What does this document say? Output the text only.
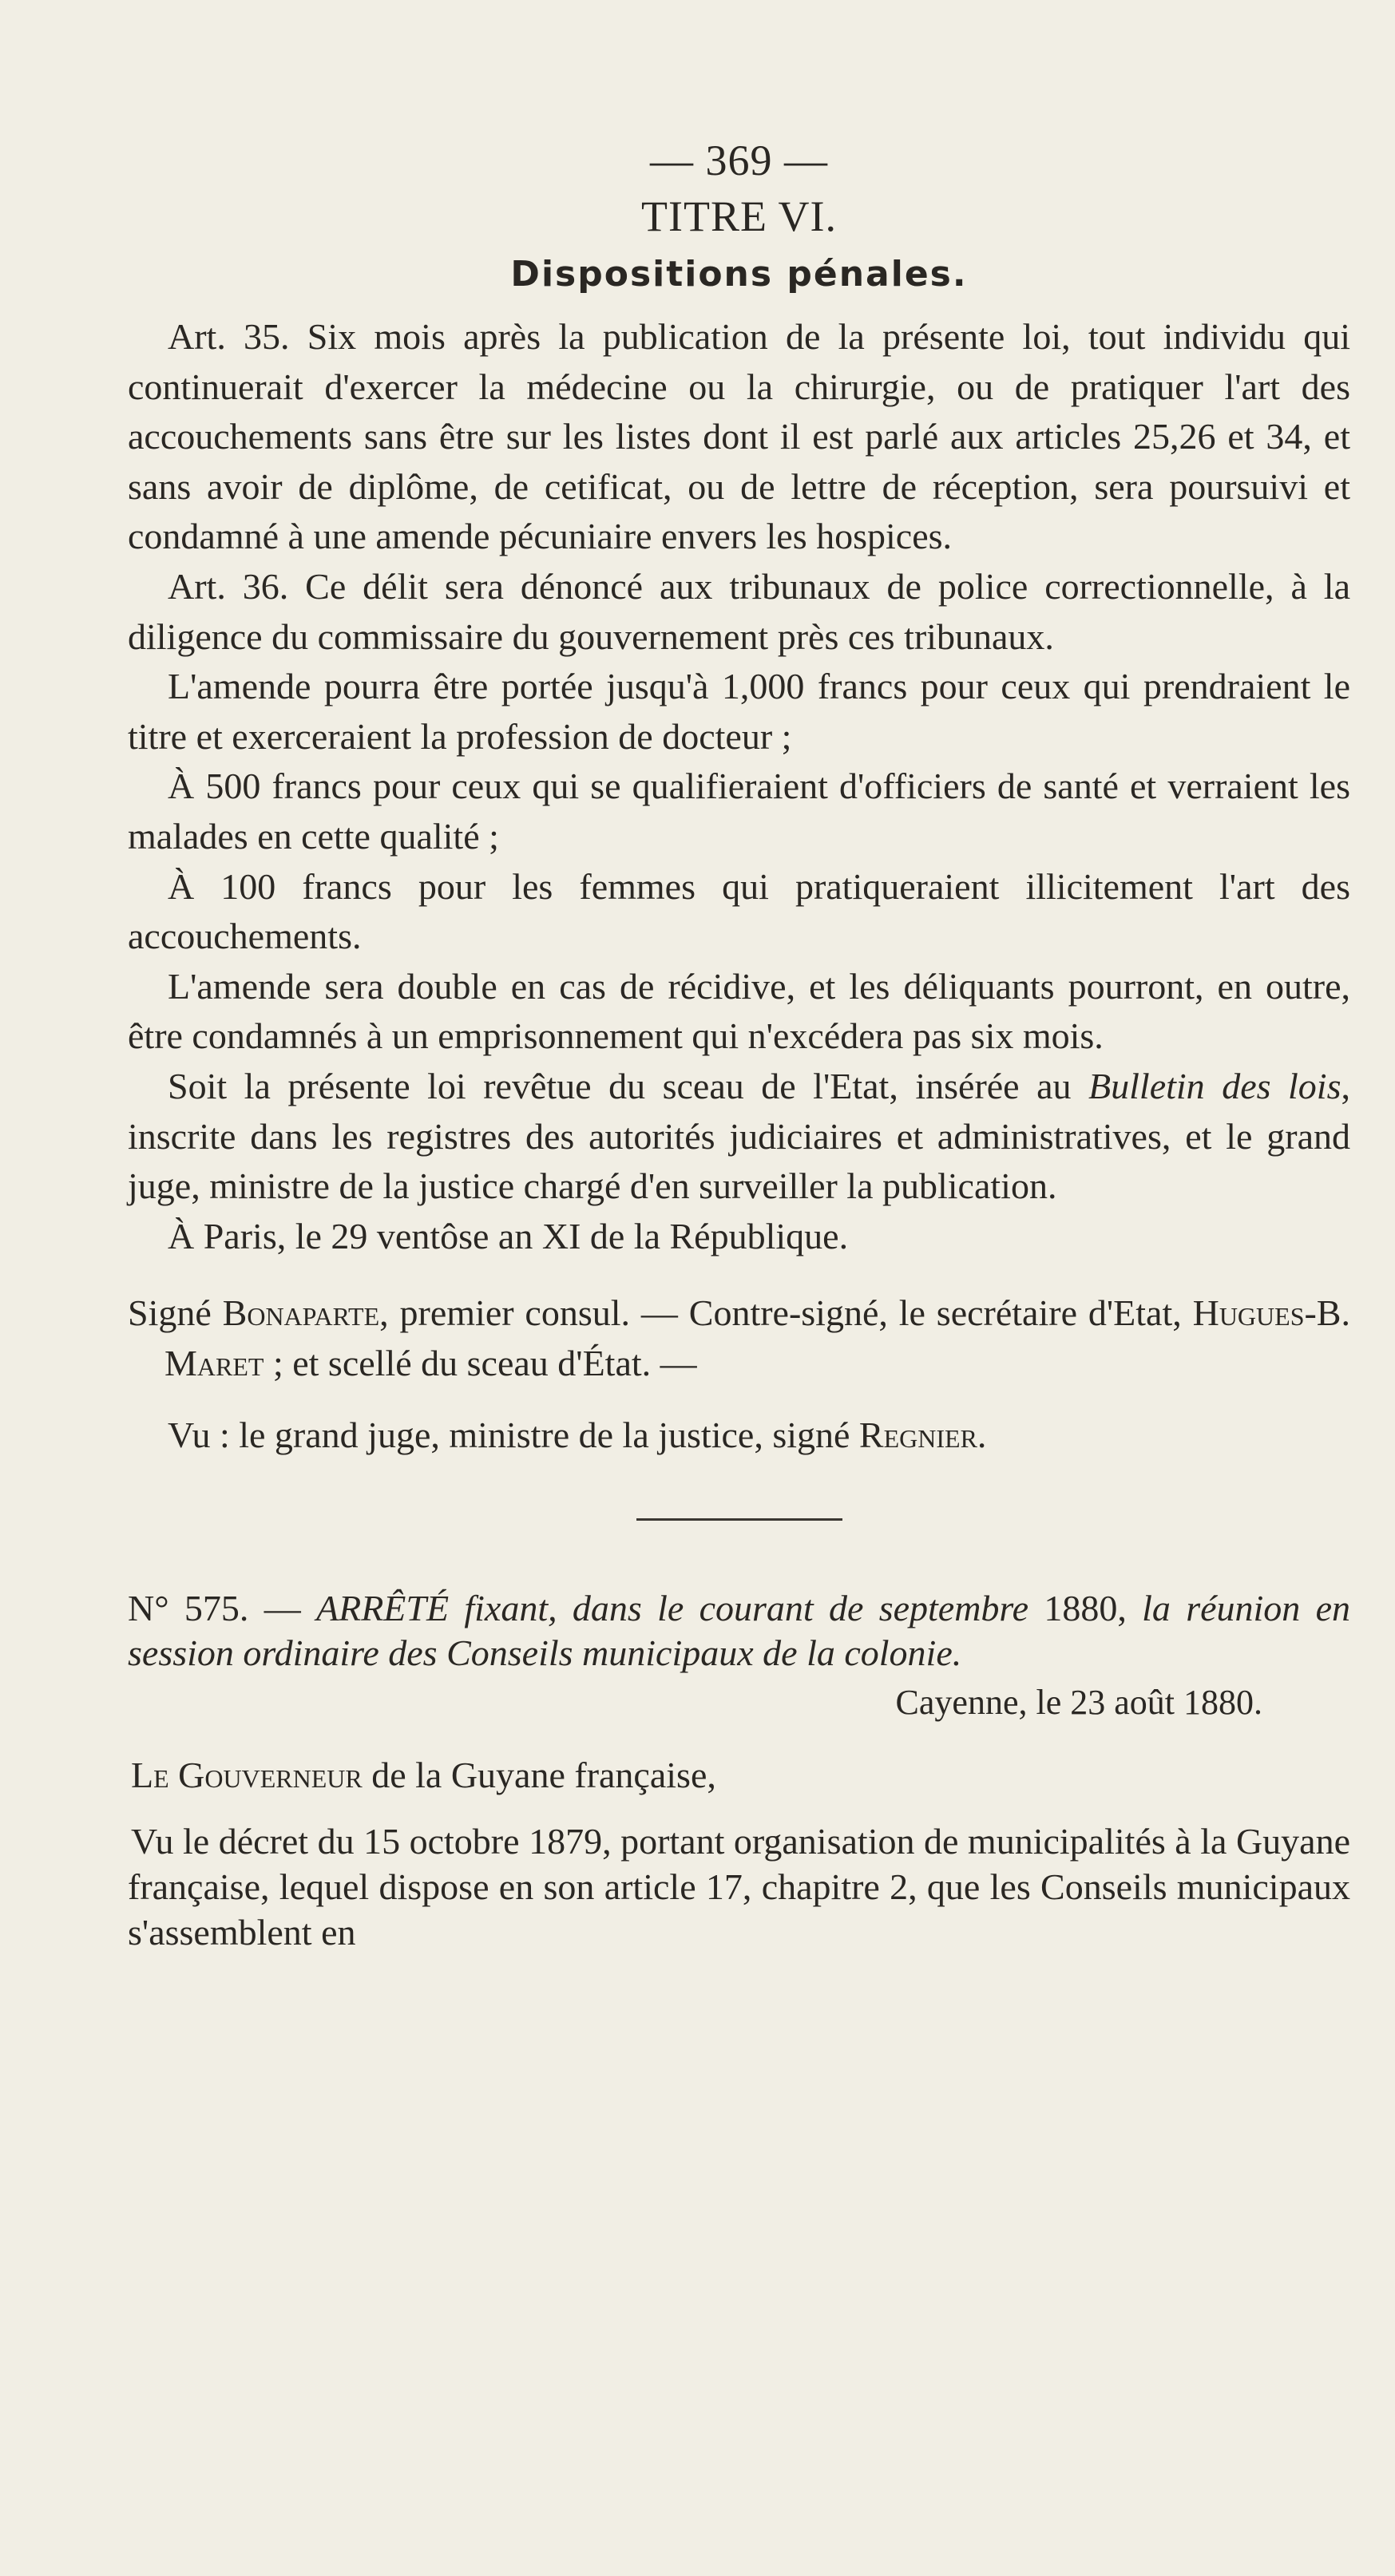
— 369 —
TITRE VI.
Dispositions pénales.

Art. 35. Six mois après la publication de la présente loi, tout individu qui continuerait d'exercer la médecine ou la chirurgie, ou de pratiquer l'art des accouchements sans être sur les listes dont il est parlé aux articles 25,26 et 34, et sans avoir de diplôme, de cetificat, ou de lettre de réception, sera poursuivi et condamné à une amende pécuniaire envers les hospices.

Art. 36. Ce délit sera dénoncé aux tribunaux de police correctionnelle, à la diligence du commissaire du gouvernement près ces tribunaux.

L'amende pourra être portée jusqu'à 1,000 francs pour ceux qui prendraient le titre et exerceraient la profession de docteur ;

À 500 francs pour ceux qui se qualifieraient d'officiers de santé et verraient les malades en cette qualité ;

À 100 francs pour les femmes qui pratiqueraient illicitement l'art des accouchements.

L'amende sera double en cas de récidive, et les déliquants pourront, en outre, être condamnés à un emprisonnement qui n'excédera pas six mois.

Soit la présente loi revêtue du sceau de l'Etat, insérée au Bulletin des lois, inscrite dans les registres des autorités judiciaires et administratives, et le grand juge, ministre de la justice chargé d'en surveiller la publication.

À Paris, le 29 ventôse an XI de la République.

Signé Bonaparte, premier consul. — Contre-signé, le secrétaire d'Etat, Hugues-B. Maret ; et scellé du sceau d'État. —

Vu : le grand juge, ministre de la justice, signé Regnier.

N° 575. — ARRÊTÉ fixant, dans le courant de septembre 1880, la réunion en session ordinaire des Conseils municipaux de la colonie.

Cayenne, le 23 août 1880.

Le Gouverneur de la Guyane française,

Vu le décret du 15 octobre 1879, portant organisation de municipalités à la Guyane française, lequel dispose en son article 17, chapitre 2, que les Conseils municipaux s'assemblent en
